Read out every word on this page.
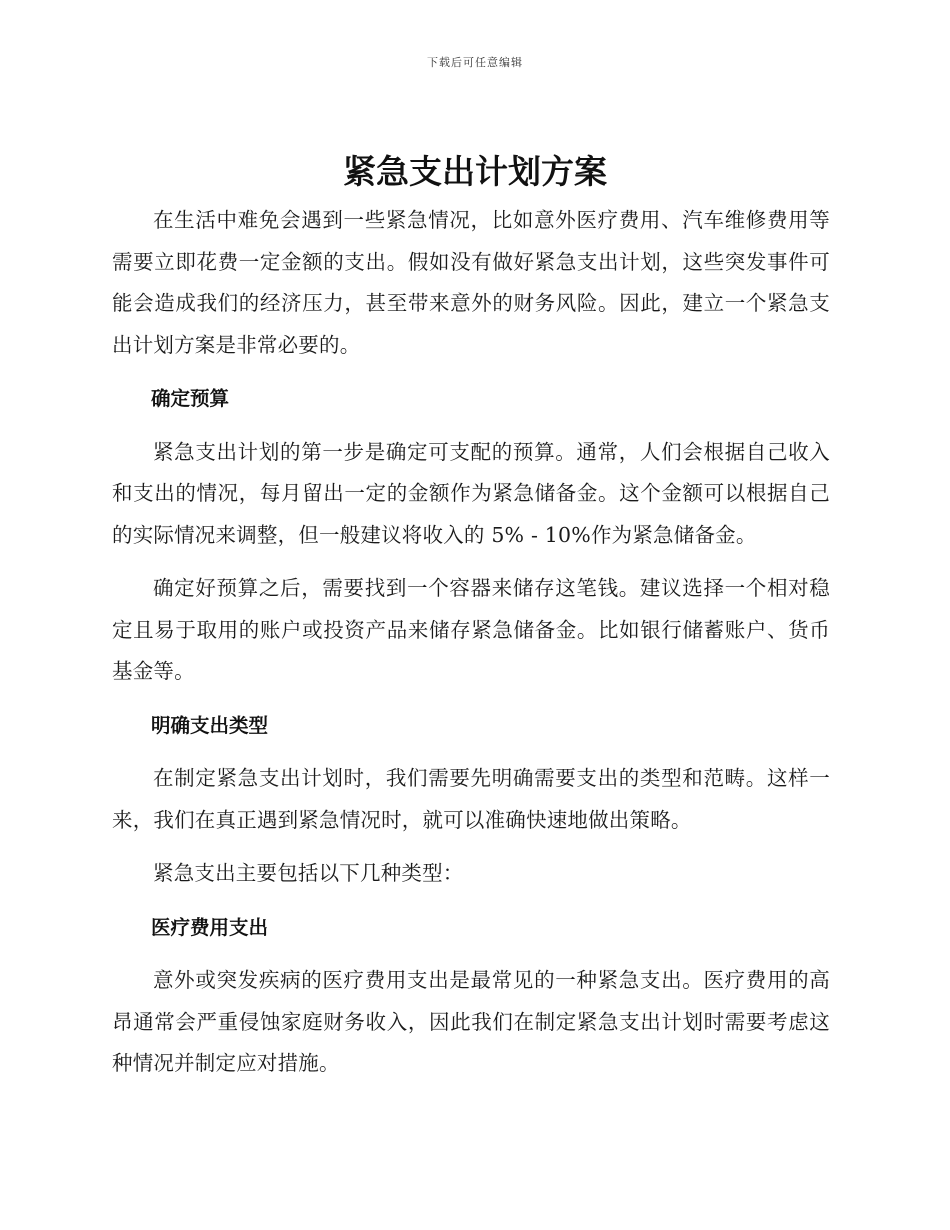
下载后可任意编辑
紧急支出计划方案

在生活中难免会遇到一些紧急情况，比如意外医疗费用、汽车维修费用等需要立即花费一定金额的支出。假如没有做好紧急支出计划，这些突发事件可能会造成我们的经济压力，甚至带来意外的财务风险。因此，建立一个紧急支出计划方案是非常必要的。

确定预算

紧急支出计划的第一步是确定可支配的预算。通常，人们会根据自己收入和支出的情况，每月留出一定的金额作为紧急储备金。这个金额可以根据自己的实际情况来调整，但一般建议将收入的 5% - 10%作为紧急储备金。

确定好预算之后，需要找到一个容器来储存这笔钱。建议选择一个相对稳定且易于取用的账户或投资产品来储存紧急储备金。比如银行储蓄账户、货币基金等。

明确支出类型

在制定紧急支出计划时，我们需要先明确需要支出的类型和范畴。这样一来，我们在真正遇到紧急情况时，就可以准确快速地做出策略。

紧急支出主要包括以下几种类型：

医疗费用支出

意外或突发疾病的医疗费用支出是最常见的一种紧急支出。医疗费用的高昂通常会严重侵蚀家庭财务收入，因此我们在制定紧急支出计划时需要考虑这种情况并制定应对措施。
